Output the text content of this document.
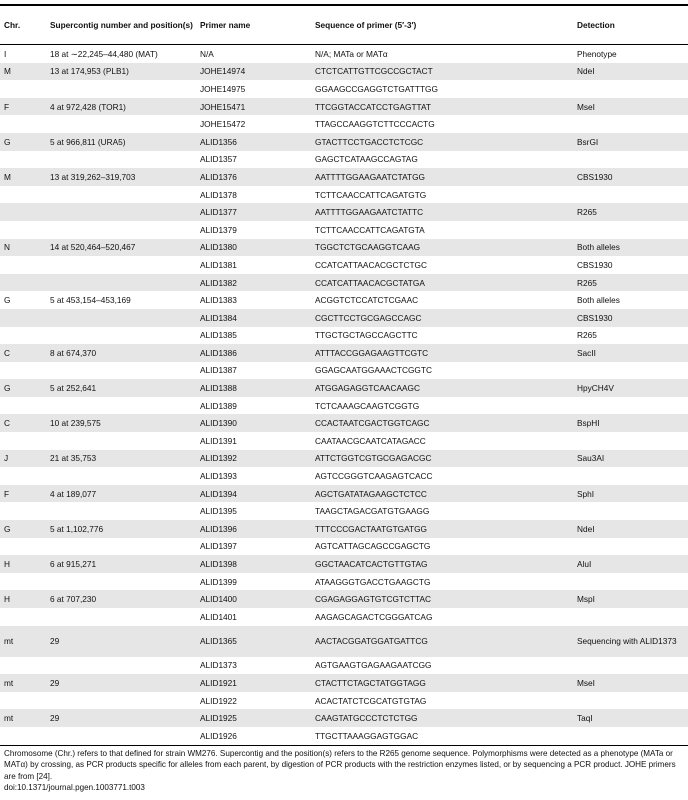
Chr.	Supercontig number and position(s)	Primer name	Sequence of primer (5′-3′)	Detection
I	18 at ∼22,245–44,480 (MAT)	N/A	N/A; MATa or MATα	Phenotype
M	13 at 174,953 (PLB1)	JOHE14974	CTCTCATTGTTCGCCGCTACT	NdeI
		JOHE14975	GGAAGCCGAGGTCTGATTTGG	
F	4 at 972,428 (TOR1)	JOHE15471	TTCGGTACCATCCTGAGTTAT	MseI
		JOHE15472	TTAGCCAAGGTCTTCCCACTG	
G	5 at 966,811 (URA5)	ALID1356	GTACTTCCTGACCTCTCGC	BsrGI
		ALID1357	GAGCTCATAAGCCAGTAG	
M	13 at 319,262–319,703	ALID1376	AATTTTGGAAGAATCTATGG	CBS1930
		ALID1378	TCTTCAACCATTCAGATGTG	
		ALID1377	AATTTTGGAAGAATCTATTC	R265
		ALID1379	TCTTCAACCATTCAGATGTA	
N	14 at 520,464–520,467	ALID1380	TGGCTCTGCAAGGTCAAG	Both alleles
		ALID1381	CCATCATTAACACGCTCTGC	CBS1930
		ALID1382	CCATCATTAACACGCTATGA	R265
G	5 at 453,154–453,169	ALID1383	ACGGTCTCCATCTCGAAC	Both alleles
		ALID1384	CGCTTCCTGCGAGCCAGC	CBS1930
		ALID1385	TTGCTGCTAGCCAGCTTC	R265
C	8 at 674,370	ALID1386	ATTTACCGGAGAAGTTCGTC	SacII
		ALID1387	GGAGCAATGGAAACTCGGTC	
G	5 at 252,641	ALID1388	ATGGAGAGGTCAACAAGC	HpyCH4V
		ALID1389	TCTCAAAGCAAGTCGGTG	
C	10 at 239,575	ALID1390	CCACTAATCGACTGGTCAGC	BspHI
		ALID1391	CAATAACGCAATCATAGACC	
J	21 at 35,753	ALID1392	ATTCTGGTCGTGCGAGACGC	Sau3AI
		ALID1393	AGTCCGGGTCAAGAGTCACC	
F	4 at 189,077	ALID1394	AGCTGATATAGAAGCTCTCC	SphI
		ALID1395	TAAGCTAGACGATGTGAAGG	
G	5 at 1,102,776	ALID1396	TTTCCCGACTAATGTGATGG	NdeI
		ALID1397	AGTCATTAGCAGCCGAGCTG	
H	6 at 915,271	ALID1398	GGCTAACATCACTGTTGTAG	AluI
		ALID1399	ATAAGGGTGACCTGAAGCTG	
H	6 at 707,230	ALID1400	CGAGAGGAGTGTCGTCTTAC	MspI
		ALID1401	AAGAGCAGACTCGGGATCAG	
mt	29	ALID1365	AACTACGGATGGATGATTCG	Sequencing with ALID1373
		ALID1373	AGTGAAGTGAGAAGAATCGG	
mt	29	ALID1921	CTACTTCTAGCTATGGTAGG	MseI
		ALID1922	ACACTATCTCGCATGTGTAG	
mt	29	ALID1925	CAAGTATGCCCTCTCTGG	TaqI
		ALID1926	TTGCTTAAAGGAGTGGAC	
Chromosome (Chr.) refers to that defined for strain WM276. Supercontig and the position(s) refers to the R265 genome sequence. Polymorphisms were detected as a phenotype (MATa or MATα) by crossing, as PCR products specific for alleles from each parent, by digestion of PCR products with the restriction enzymes listed, or by sequencing a PCR product. JOHE primers are from [24].
doi:10.1371/journal.pgen.1003771.t003
